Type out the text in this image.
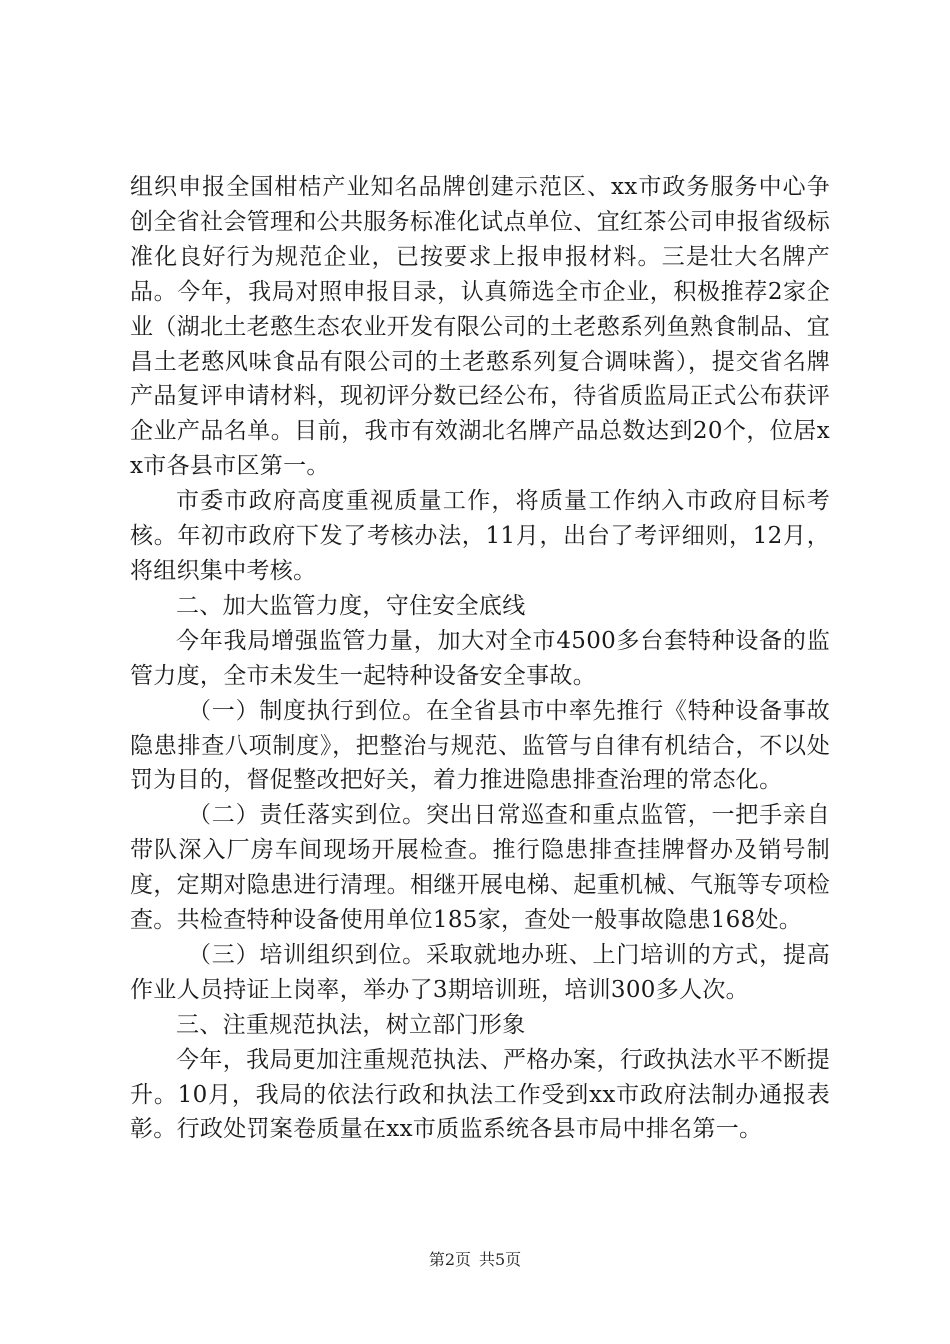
组织申报全国柑桔产业知名品牌创建示范区、xx市政务服务中心争创全省社会管理和公共服务标准化试点单位、宜红茶公司申报省级标准化良好行为规范企业，已按要求上报申报材料。三是壮大名牌产品。今年，我局对照申报目录，认真筛选全市企业，积极推荐2家企业（湖北土老憨生态农业开发有限公司的土老憨系列鱼熟食制品、宜昌土老憨风味食品有限公司的土老憨系列复合调味酱），提交省名牌产品复评申请材料，现初评分数已经公布，待省质监局正式公布获评企业产品名单。目前，我市有效湖北名牌产品总数达到20个，位居xx市各县市区第一。

市委市政府高度重视质量工作，将质量工作纳入市政府目标考核。年初市政府下发了考核办法，11月，出台了考评细则，12月，将组织集中考核。

二、加大监管力度，守住安全底线

今年我局增强监管力量，加大对全市4500多台套特种设备的监管力度，全市未发生一起特种设备安全事故。

（一）制度执行到位。在全省县市中率先推行《特种设备事故隐患排查八项制度》，把整治与规范、监管与自律有机结合，不以处罚为目的，督促整改把好关，着力推进隐患排查治理的常态化。

（二）责任落实到位。突出日常巡查和重点监管，一把手亲自带队深入厂房车间现场开展检查。推行隐患排查挂牌督办及销号制度，定期对隐患进行清理。相继开展电梯、起重机械、气瓶等专项检查。共检查特种设备使用单位185家，查处一般事故隐患168处。

（三）培训组织到位。采取就地办班、上门培训的方式，提高作业人员持证上岗率，举办了3期培训班，培训300多人次。

三、注重规范执法，树立部门形象

今年，我局更加注重规范执法、严格办案，行政执法水平不断提升。10月，我局的依法行政和执法工作受到xx市政府法制办通报表彰。行政处罚案卷质量在xx市质监系统各县市局中排名第一。

第2页 共5页
